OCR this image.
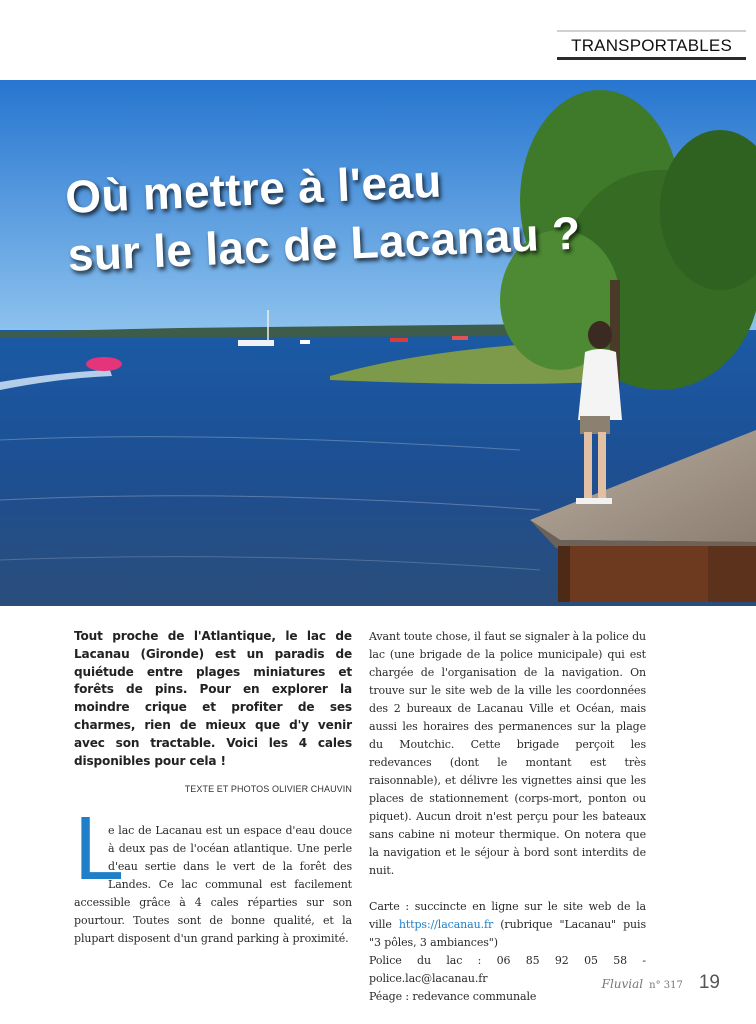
TRANSPORTABLES
Où mettre à l'eau
sur le lac de Lacanau ?

Tout proche de l'Atlantique, le lac de Lacanau (Gironde) est un paradis de quiétude entre plages miniatures et forêts de pins. Pour en explorer la moindre crique et profiter de ses charmes, rien de mieux que d'y venir avec son tractable. Voici les 4 cales disponibles pour cela !

TEXTE ET PHOTOS OLIVIER CHAUVIN

L
e lac de Lacanau est un espace d'eau douce à deux pas de l'océan atlantique. Une perle d'eau sertie dans le vert de la forêt des Landes. Ce lac communal est facilement accessible grâce à 4 cales réparties sur son pourtour. Toutes sont de bonne qualité, et la plupart disposent d'un grand parking à proximité.

Avant toute chose, il faut se signaler à la police du lac (une brigade de la police municipale) qui est chargée de l'organisation de la navigation. On trouve sur le site web de la ville les coordonnées des 2 bureaux de Lacanau Ville et Océan, mais aussi les horaires des permanences sur la plage du Moutchic. Cette brigade perçoit les redevances (dont le montant est très raisonnable), et délivre les vignettes ainsi que les places de stationnement (corps-mort, ponton ou piquet). Aucun droit n'est perçu pour les bateaux sans cabine ni moteur thermique. On notera que la navigation et le séjour à bord sont interdits de nuit.

Carte : succincte en ligne sur le site web de la ville https://lacanau.fr (rubrique "Lacanau" puis "3 pôles, 3 ambiances")
Police du lac : 06 85 92 05 58 - police.lac@lacanau.fr
Péage : redevance communale

Fluvial n° 317 19
